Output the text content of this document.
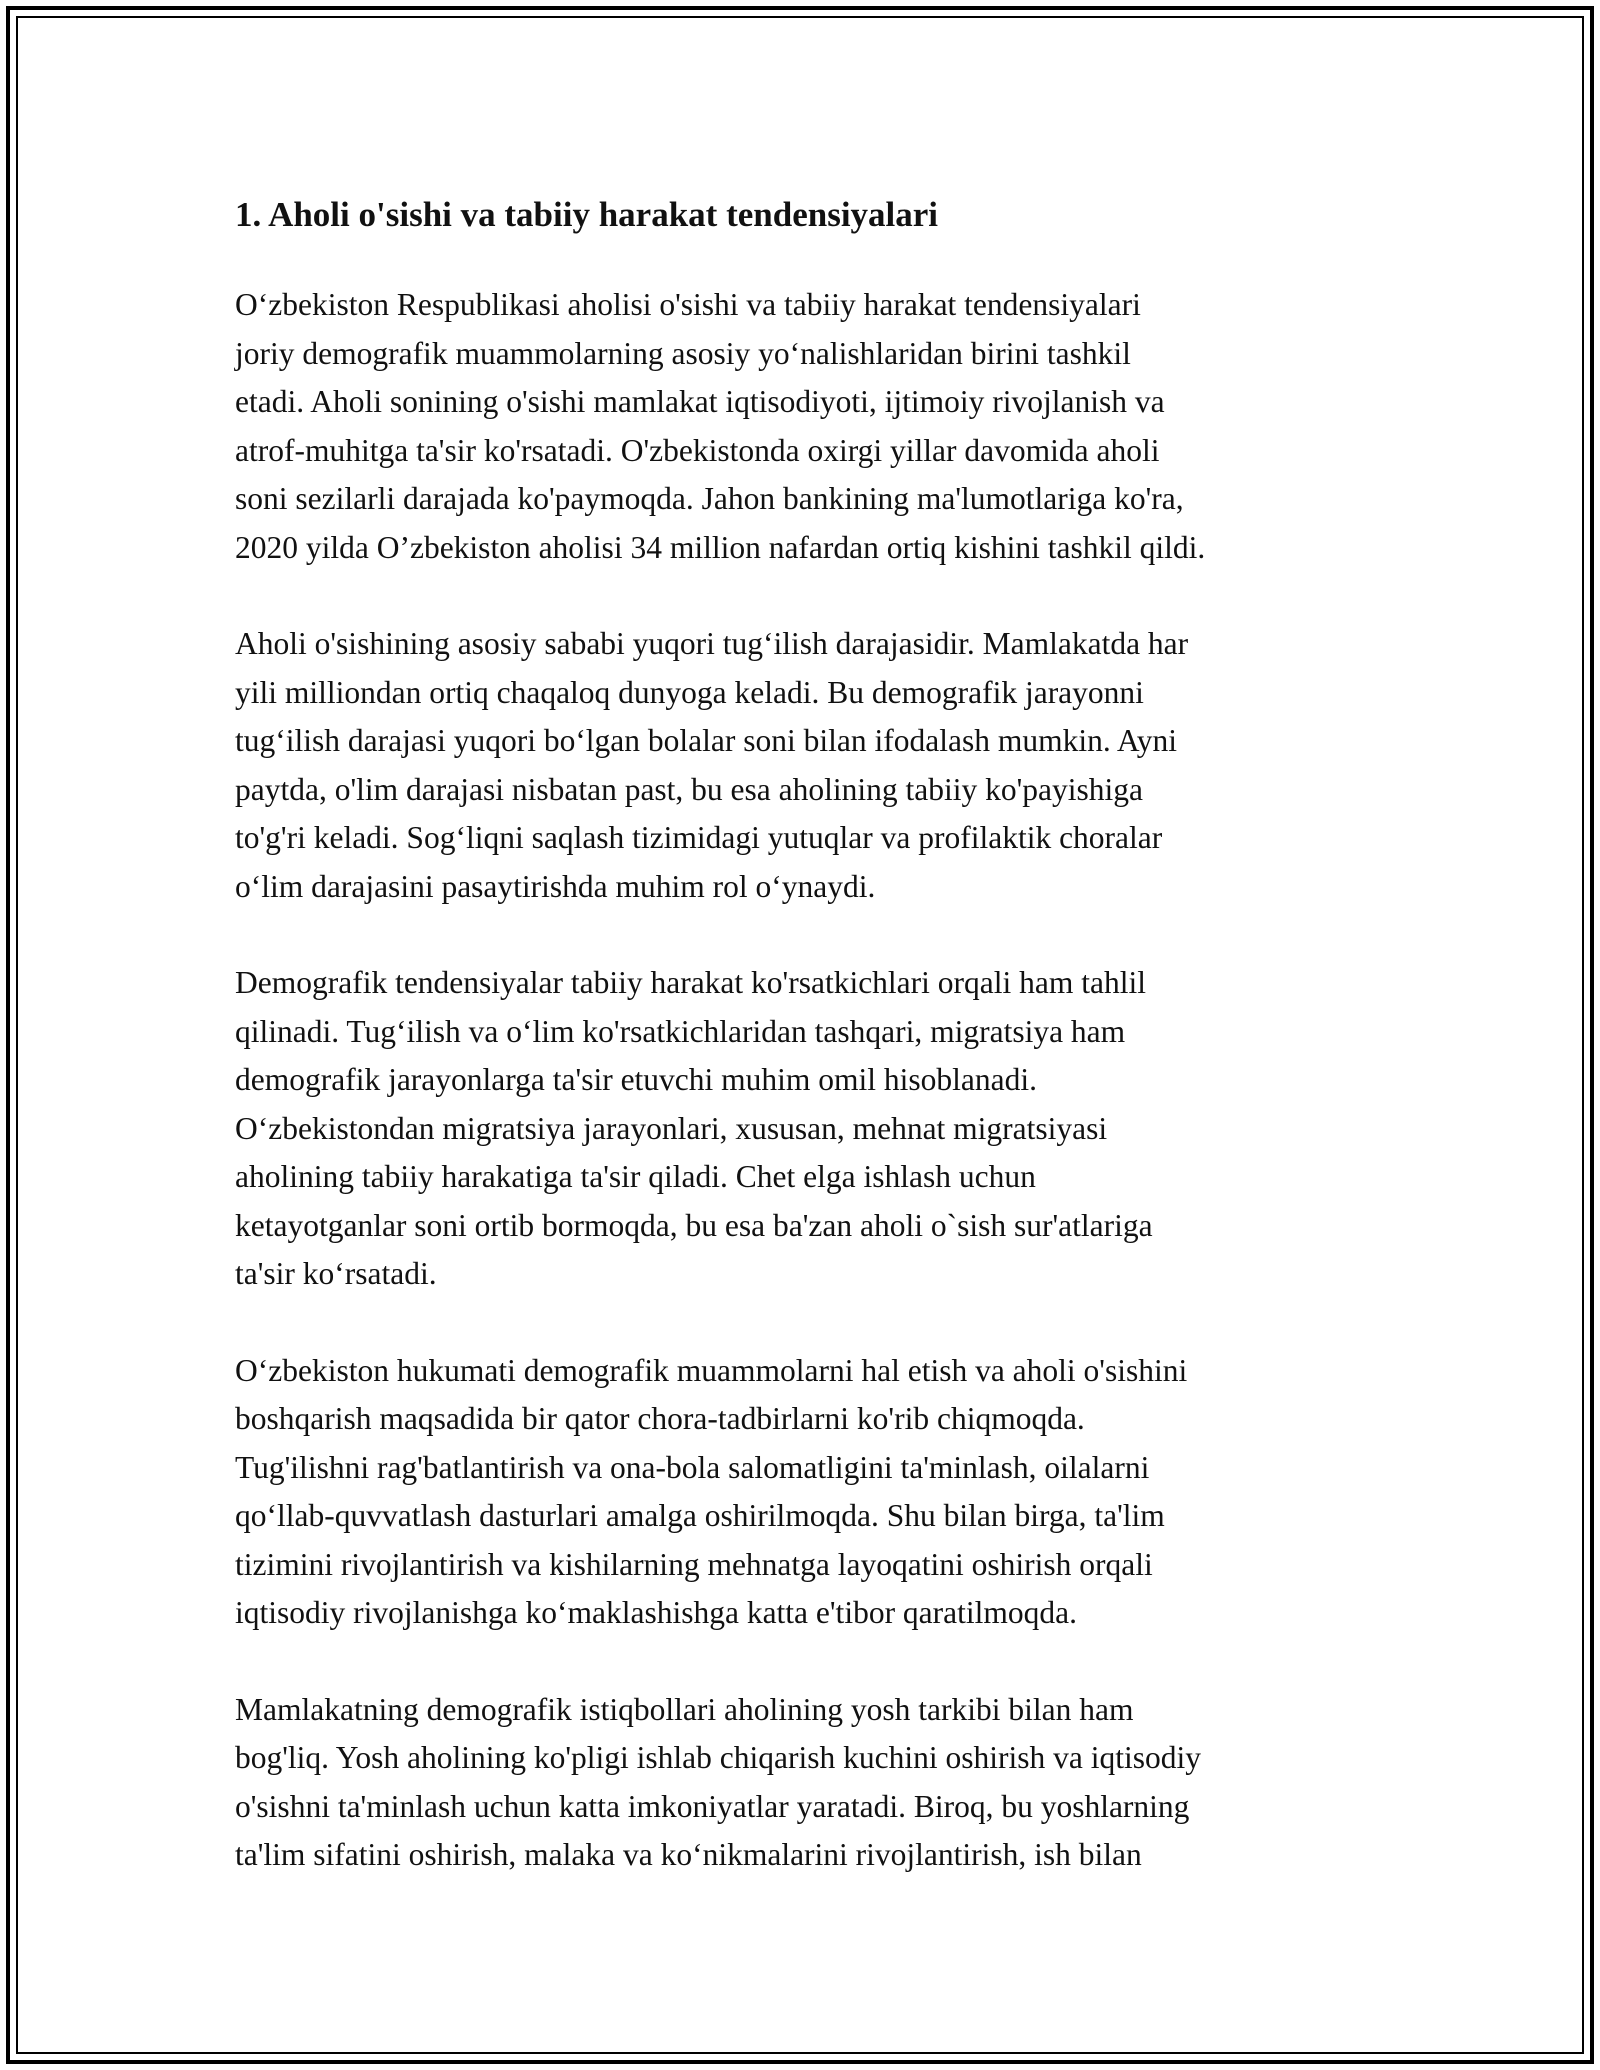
1. Aholi o'sishi va tabiiy harakat tendensiyalari
O‘zbekiston Respublikasi aholisi o'sishi va tabiiy harakat tendensiyalari
joriy demografik muammolarning asosiy yo‘nalishlaridan birini tashkil
etadi. Aholi sonining o'sishi mamlakat iqtisodiyoti, ijtimoiy rivojlanish va
atrof-muhitga ta'sir ko'rsatadi. O'zbekistonda oxirgi yillar davomida aholi
soni sezilarli darajada ko'paymoqda. Jahon bankining ma'lumotlariga ko'ra,
2020 yilda O’zbekiston aholisi 34 million nafardan ortiq kishini tashkil qildi.
Aholi o'sishining asosiy sababi yuqori tug‘ilish darajasidir. Mamlakatda har
yili milliondan ortiq chaqaloq dunyoga keladi. Bu demografik jarayonni
tug‘ilish darajasi yuqori bo‘lgan bolalar soni bilan ifodalash mumkin. Ayni
paytda, o'lim darajasi nisbatan past, bu esa aholining tabiiy ko'payishiga
to'g'ri keladi. Sog‘liqni saqlash tizimidagi yutuqlar va profilaktik choralar
o‘lim darajasini pasaytirishda muhim rol o‘ynaydi.
Demografik tendensiyalar tabiiy harakat ko'rsatkichlari orqali ham tahlil
qilinadi. Tug‘ilish va o‘lim ko'rsatkichlaridan tashqari, migratsiya ham
demografik jarayonlarga ta'sir etuvchi muhim omil hisoblanadi.
O‘zbekistondan migratsiya jarayonlari, xususan, mehnat migratsiyasi
aholining tabiiy harakatiga ta'sir qiladi. Chet elga ishlash uchun
ketayotganlar soni ortib bormoqda, bu esa ba'zan aholi o`sish sur'atlariga
ta'sir ko‘rsatadi.
O‘zbekiston hukumati demografik muammolarni hal etish va aholi o'sishini
boshqarish maqsadida bir qator chora-tadbirlarni ko'rib chiqmoqda.
Tug'ilishni rag'batlantirish va ona-bola salomatligini ta'minlash, oilalarni
qo‘llab-quvvatlash dasturlari amalga oshirilmoqda. Shu bilan birga, ta'lim
tizimini rivojlantirish va kishilarning mehnatga layoqatini oshirish orqali
iqtisodiy rivojlanishga ko‘maklashishga katta e'tibor qaratilmoqda.
Mamlakatning demografik istiqbollari aholining yosh tarkibi bilan ham
bog'liq. Yosh aholining ko'pligi ishlab chiqarish kuchini oshirish va iqtisodiy
o'sishni ta'minlash uchun katta imkoniyatlar yaratadi. Biroq, bu yoshlarning
ta'lim sifatini oshirish, malaka va ko‘nikmalarini rivojlantirish, ish bilan
